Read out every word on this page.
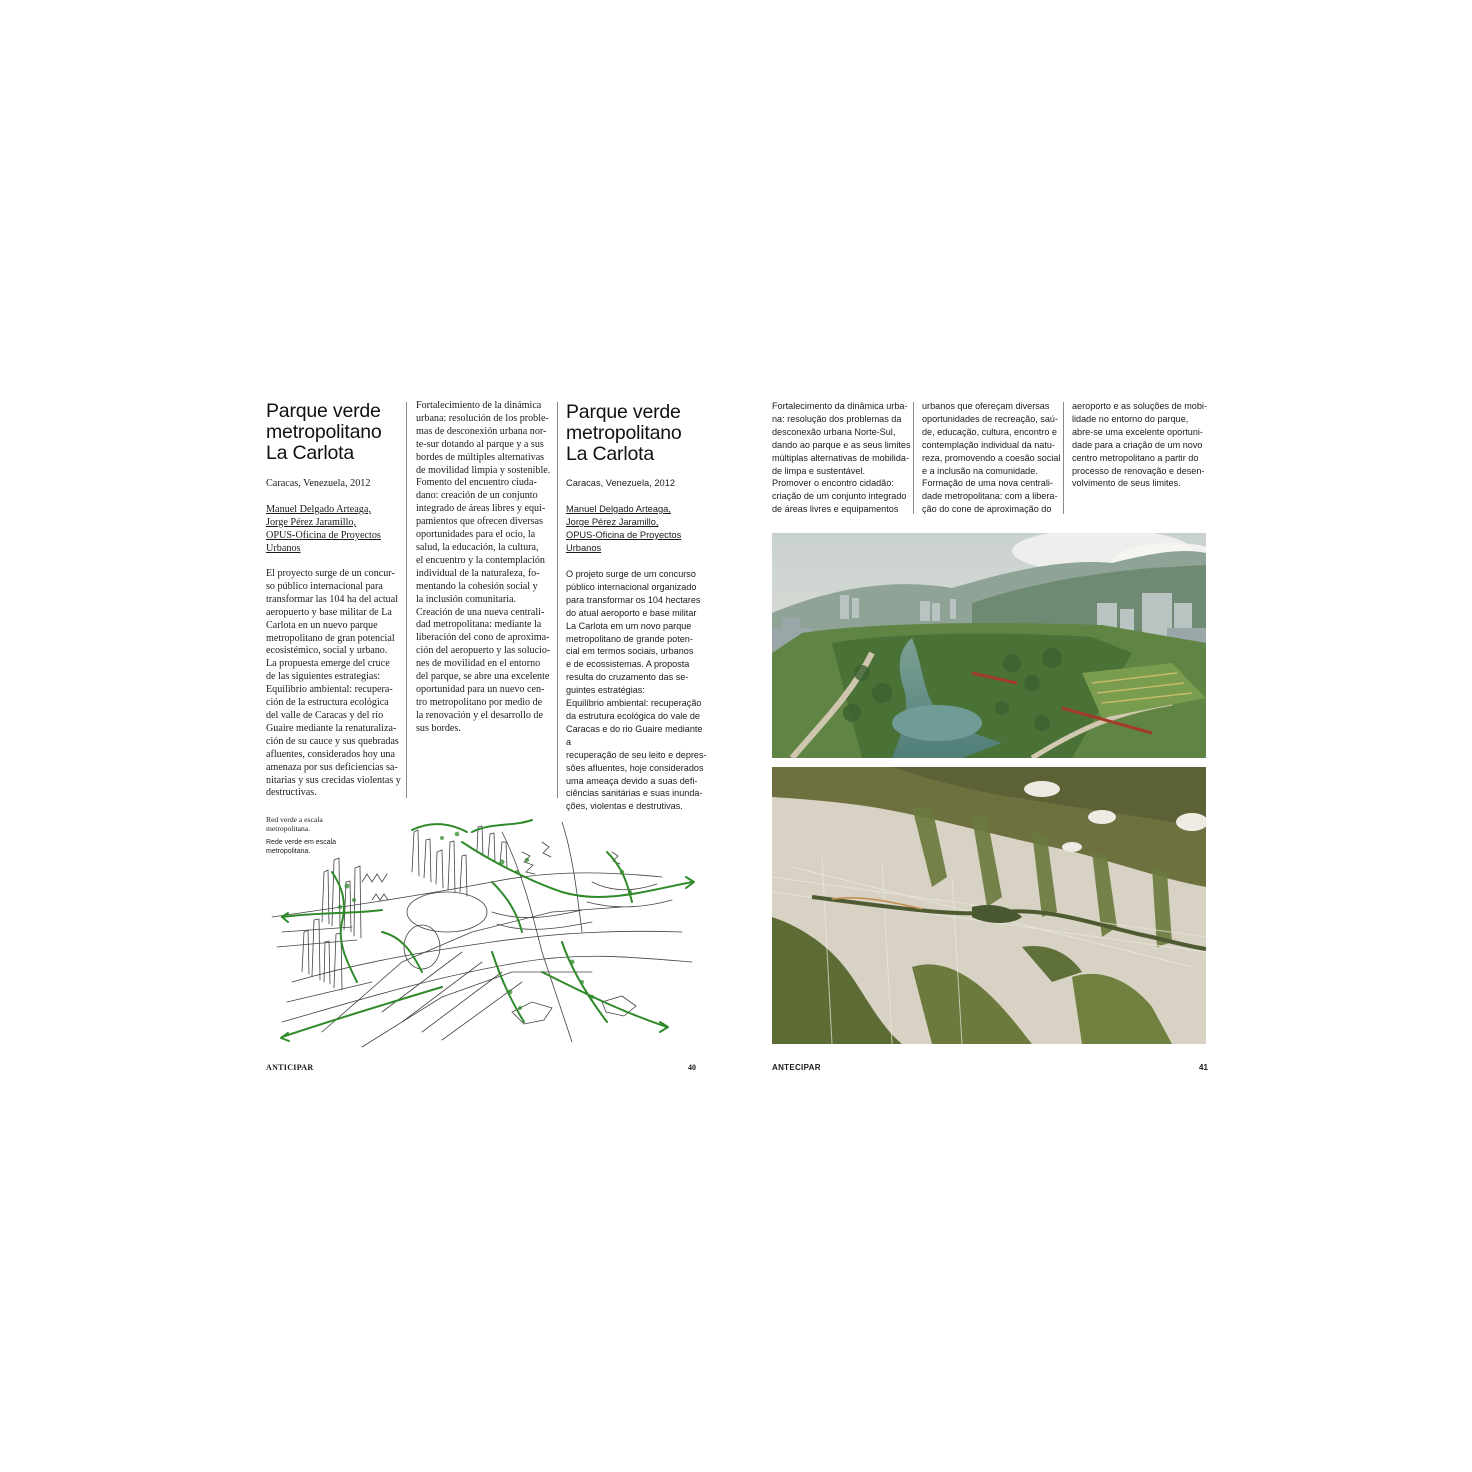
Parque verde
metropolitano
La Carlota
Caracas, Venezuela, 2012
Manuel Delgado Arteaga,
Jorge Pérez Jaramillo,
OPUS-Oficina de Proyectos
Urbanos
El proyecto surge de un concur-
so público internacional para
transformar las 104 ha del actual
aeropuerto y base militar de La
Carlota en un nuevo parque
metropolitano de gran potencial
ecosistémico, social y urbano.
La propuesta emerge del cruce
de las siguientes estrategias:
Equilibrio ambiental: recupera-
ción de la estructura ecológica
del valle de Caracas y del río
Guaire mediante la renaturaliza-
ción de su cauce y sus quebradas
afluentes, considerados hoy una
amenaza por sus deficiencias sa-
nitarias y sus crecidas violentas y
destructivas.
Fortalecimiento de la dinámica
urbana: resolución de los proble-
mas de desconexión urbana nor-
te-sur dotando al parque y a sus
bordes de múltiples alternativas
de movilidad limpia y sostenible.
Fomento del encuentro ciuda-
dano: creación de un conjunto
integrado de áreas libres y equi-
pamientos que ofrecen diversas
oportunidades para el ocio, la
salud, la educación, la cultura,
el encuentro y la contemplación
individual de la naturaleza, fo-
mentando la cohesión social y
la inclusión comunitaria.
Creación de una nueva centrali-
dad metropolitana: mediante la
liberación del cono de aproxima-
ción del aeropuerto y las solucio-
nes de movilidad en el entorno
del parque, se abre una excelente
oportunidad para un nuevo cen-
tro metropolitano por medio de
la renovación y el desarrollo de
sus bordes.
Parque verde
metropolitano
La Carlota
Caracas, Venezuela, 2012
Manuel Delgado Arteaga,
Jorge Pérez Jaramillo,
OPUS-Oficina de Proyectos
Urbanos
O projeto surge de um concurso
público internacional organizado
para transformar os 104 hectares
do atual aeroporto e base militar
La Carlota em um novo parque
metropolitano de grande poten-
cial em termos sociais, urbanos
e de ecossistemas. A proposta
resulta do cruzamento das se-
guintes estratégias:
Equilíbrio ambiental: recuperação
da estrutura ecológica do vale de
Caracas e do rio Guaire mediante a
recuperação de seu leito e depres-
sões afluentes, hoje considerados
uma ameaça devido a suas defi-
ciências sanitárias e suas inunda-
ções, violentas e destrutivas.
Red verde a escala
metropolitana.
Rede verde em escala
metropolitana.
ANTICIPAR	40
Fortalecimento da dinâmica urba-
na: resolução dos problemas da
desconexão urbana Norte-Sul,
dando ao parque e as seus limites
múltiplas alternativas de mobilida-
de limpa e sustentável.
Promover o encontro cidadão:
criação de um conjunto integrado
de áreas livres e equipamentos
urbanos que ofereçam diversas
oportunidades de recreação, saú-
de, educação, cultura, encontro e
contemplação individual da natu-
reza, promovendo a coesão social
e a inclusão na comunidade.
Formação de uma nova centrali-
dade metropolitana: com a libera-
ção do cone de aproximação do
aeroporto e as soluções de mobi-
lidade no entorno do parque,
abre-se uma excelente oportuni-
dade para a criação de um novo
centro metropolitano a partir do
processo de renovação e desen-
volvimento de seus limites.
ANTECIPAR	41
